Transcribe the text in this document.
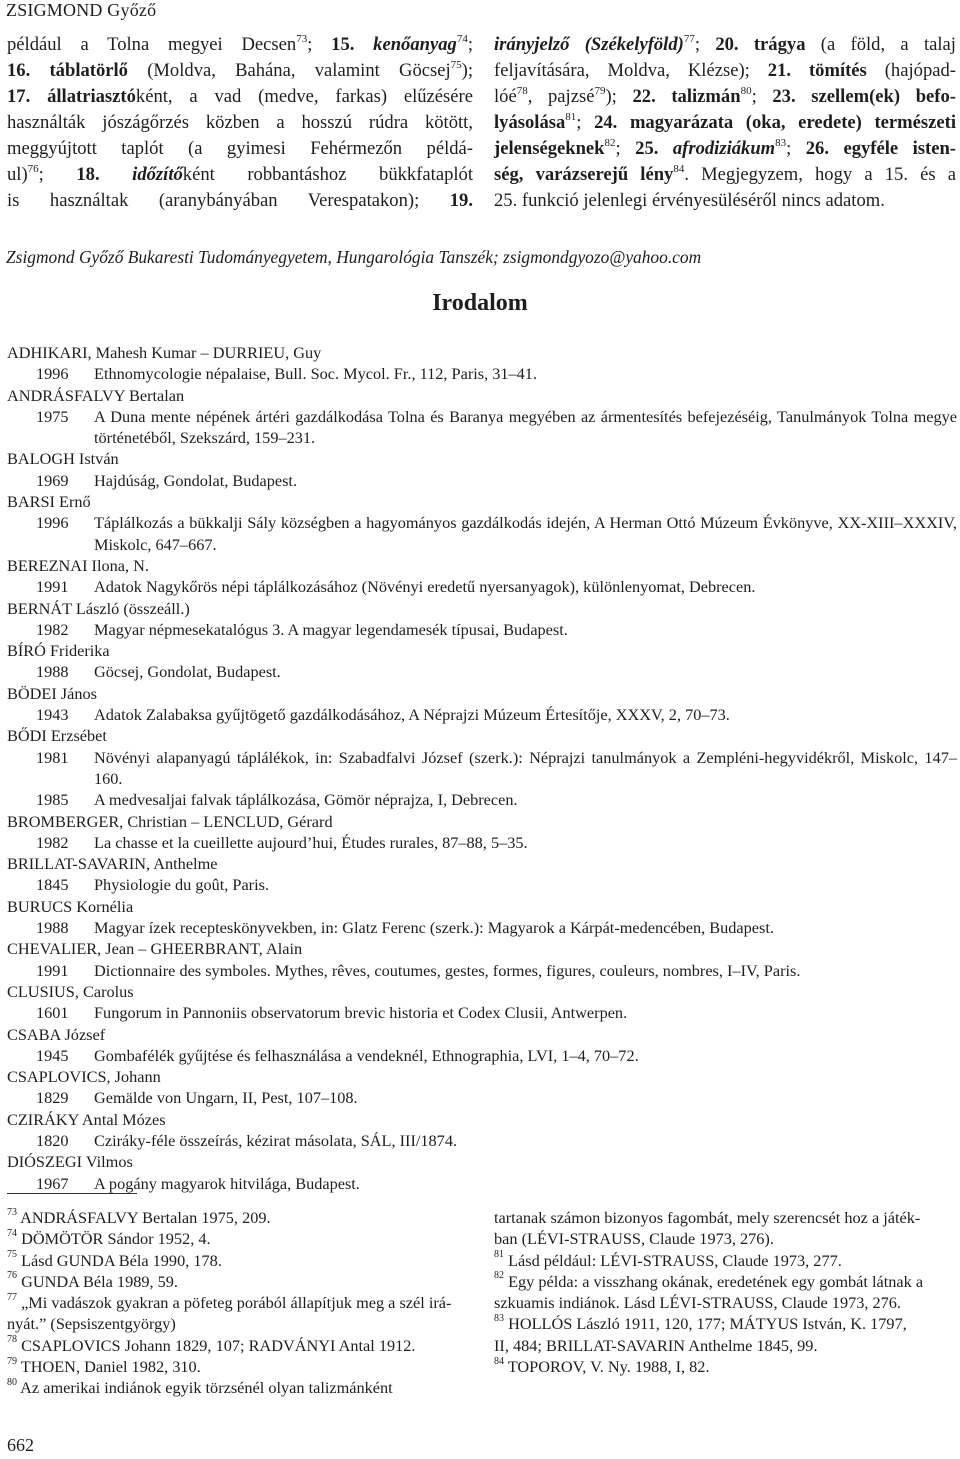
ZSIGMOND Győző
például a Tolna megyei Decsen$^{73}$; 15. kenőanyag$^{74}$;
16. táblatörlő (Moldva, Bahána, valamint Göcsej$^{75}$);
17. állatriasztóként, a vad (medve, farkas) elűzésére
használták jószágőrzés közben a hosszú rúdra kötött,
meggyújtott taplót (a gyimesi Fehérmezőn példá-
ul)$^{76}$; 18. időzítőként robbantáshoz bükkfataplót
is használtak (aranybányában Verespatakon); 19.
irányjelző (Székelyföld)$^{77}$; 20. trágya (a föld, a talaj
feljavítására, Moldva, Klézse); 21. tömítés (hajópad-
lóé$^{78}$, pajzsé$^{79}$); 22. talizmán$^{80}$; 23. szellem(ek) befo-
lyásolása$^{81}$; 24. magyarázata (oka, eredete) természeti
jelenségeknek$^{82}$; 25. afrodiziákum$^{83}$; 26. egyféle isten-
ség, varázserejű lény$^{84}$. Megjegyzem, hogy a 15. és a
25. funkció jelenlegi érvényesüléséről nincs adatom.
Zsigmond Győző Bukaresti Tudományegyetem, Hungarológia Tanszék; zsigmondgyozo@yahoo.com
Irodalom
ADHIKARI, Mahesh Kumar – DURRIEU, Guy
1996	Ethnomycologie népalaise, Bull. Soc. Mycol. Fr., 112, Paris, 31–41.
ANDRÁSFALVY Bertalan
1975	A Duna mente népének ártéri gazdálkodása Tolna és Baranya megyében az ármentesítés befejezéséig, Tanulmányok Tolna megye történetéből, Szekszárd, 159–231.
BALOGH István
1969	Hajdúság, Gondolat, Budapest.
BARSI Ernő
1996	Táplálkozás a bükkalji Sály községben a hagyományos gazdálkodás idején, A Herman Ottó Múzeum Évkönyve, XX-XIII–XXXIV, Miskolc, 647–667.
BEREZNAI Ilona, N.
1991	Adatok Nagykőrös népi táplálkozásához (Növényi eredetű nyersanyagok), különlenyomat, Debrecen.
BERNÁT László (összeáll.)
1982	Magyar népmesekatalógus 3. A magyar legendamesék típusai, Budapest.
BÍRÓ Friderika
1988	Göcsej, Gondolat, Budapest.
BÖDEI János
1943	Adatok Zalabaksa gyűjtögető gazdálkodásához, A Néprajzi Múzeum Értesítője, XXXV, 2, 70–73.
BŐDI Erzsébet
1981	Növényi alapanyagú táplálékok, in: Szabadfalvi József (szerk.): Néprajzi tanulmányok a Zempléni-hegyvidékről, Miskolc, 147–160.
1985	A medvesaljai falvak táplálkozása, Gömör néprajza, I, Debrecen.
BROMBERGER, Christian – LENCLUD, Gérard
1982	La chasse et la cueillette aujourd’hui, Études rurales, 87–88, 5–35.
BRILLAT-SAVARIN, Anthelme
1845	Physiologie du goût, Paris.
BURUCS Kornélia
1988	Magyar ízek recepteskönyvekben, in: Glatz Ferenc (szerk.): Magyarok a Kárpát-medencében, Budapest.
CHEVALIER, Jean – GHEERBRANT, Alain
1991	Dictionnaire des symboles. Mythes, rêves, coutumes, gestes, formes, figures, couleurs, nombres, I–IV, Paris.
CLUSIUS, Carolus
1601	Fungorum in Pannoniis observatorum brevic historia et Codex Clusii, Antwerpen.
CSABA József
1945	Gombafélék gyűjtése és felhasználása a vendeknél, Ethnographia, LVI, 1–4, 70–72.
CSAPLOVICS, Johann
1829	Gemälde von Ungarn, II, Pest, 107–108.
CZIRÁKY Antal Mózes
1820	Cziráky-féle összeírás, kézirat másolata, SÁL, III/1874.
DIÓSZEGI Vilmos
1967	A pogány magyarok hitvilága, Budapest.
$^{73}$ ANDRÁSFALVY Bertalan 1975, 209.
$^{74}$ DÖMÖTÖR Sándor 1952, 4.
$^{75}$ Lásd GUNDA Béla 1990, 178.
$^{76}$ GUNDA Béla 1989, 59.
$^{77}$ „Mi vadászok gyakran a pöfeteg porából állapítjuk meg a szél irá-
nyát.” (Sepsiszentgyörgy)
$^{78}$ CSAPLOVICS Johann 1829, 107; RADVÁNYI Antal 1912.
$^{79}$ THOEN, Daniel 1982, 310.
$^{80}$ Az amerikai indiánok egyik törzsénél olyan talizmánként
tartanak számon bizonyos fagombát, mely szerencsét hoz a játék-
ban (LÉVI-STRAUSS, Claude 1973, 276).
$^{81}$ Lásd például: LÉVI-STRAUSS, Claude 1973, 277.
$^{82}$ Egy példa: a visszhang okának, eredetének egy gombát látnak a
szkuamis indiánok. Lásd LÉVI-STRAUSS, Claude 1973, 276.
$^{83}$ HOLLÓS László 1911, 120, 177; MÁTYUS István, K. 1797,
II, 484; BRILLAT-SAVARIN Anthelme 1845, 99.
$^{84}$ TOPOROV, V. Ny. 1988, I, 82.
662
